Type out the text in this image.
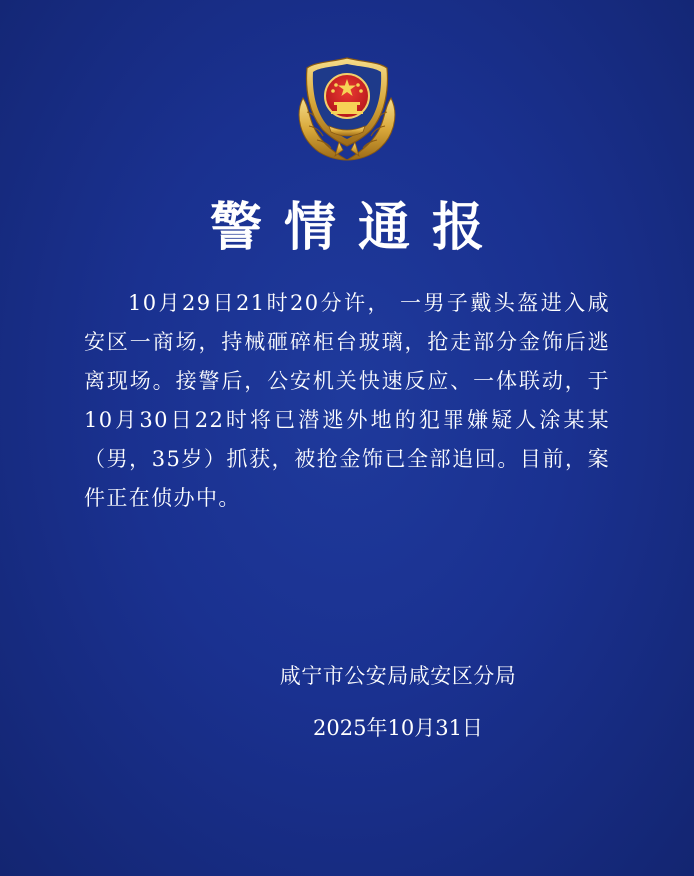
警情通报

10月29日21时20分许， 一男子戴头盔进入咸安区一商场，持械砸碎柜台玻璃，抢走部分金饰后逃离现场。接警后，公安机关快速反应、一体联动，于10月30日22时将已潜逃外地的犯罪嫌疑人涂某某（男，35岁）抓获，被抢金饰已全部追回。目前，案件正在侦办中。

咸宁市公安局咸安区分局

2025年10月31日
